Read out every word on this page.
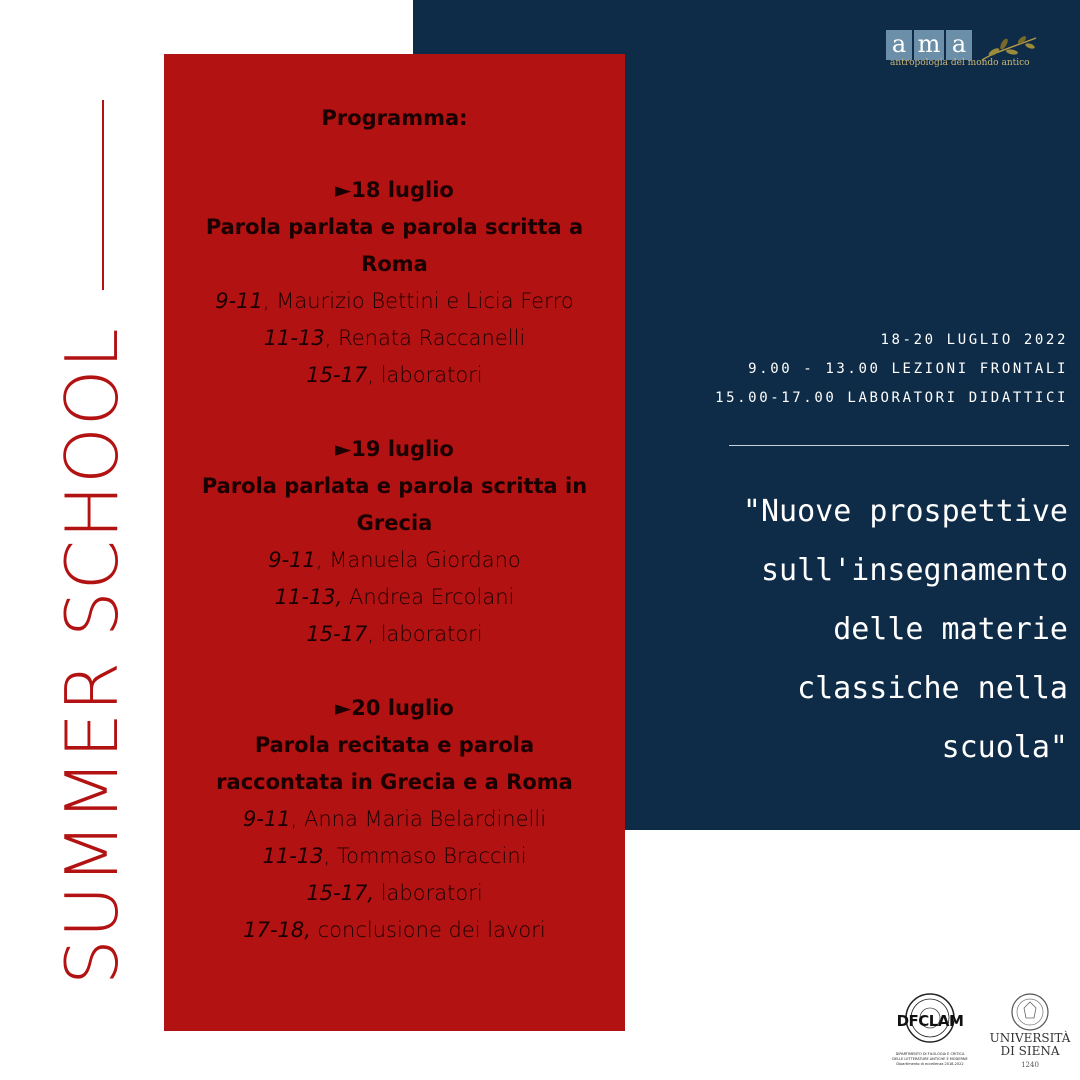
SUMMER SCHOOL
Programma:
►18 luglio
Parola parlata e parola scritta a
Roma
9-11, Maurizio Bettini e Licia Ferro
11-13, Renata Raccanelli
15-17, laboratori
►19 luglio
Parola parlata e parola scritta in
Grecia
9-11, Manuela Giordano
11-13, Andrea Ercolani
15-17, laboratori
►20 luglio
Parola recitata e parola
raccontata in Grecia e a Roma
9-11, Anna Maria Belardinelli
11-13, Tommaso Braccini
15-17, laboratori
17-18, conclusione dei lavori
18-20 LUGLIO 2022
9.00 - 13.00 LEZIONI FRONTALI
15.00-17.00 LABORATORI DIDATTICI
"Nuove prospettive
sull'insegnamento
delle materie
classiche nella
scuola"
a m a
antropologia del mondo antico
DFCLAM
DIPARTIMENTO DI FILOLOGIA E CRITICA
DELLE LETTERATURE ANTICHE E MODERNE
Dipartimento di eccellenza 2018-2022
UNIVERSITÀ
DI SIENA
1240
